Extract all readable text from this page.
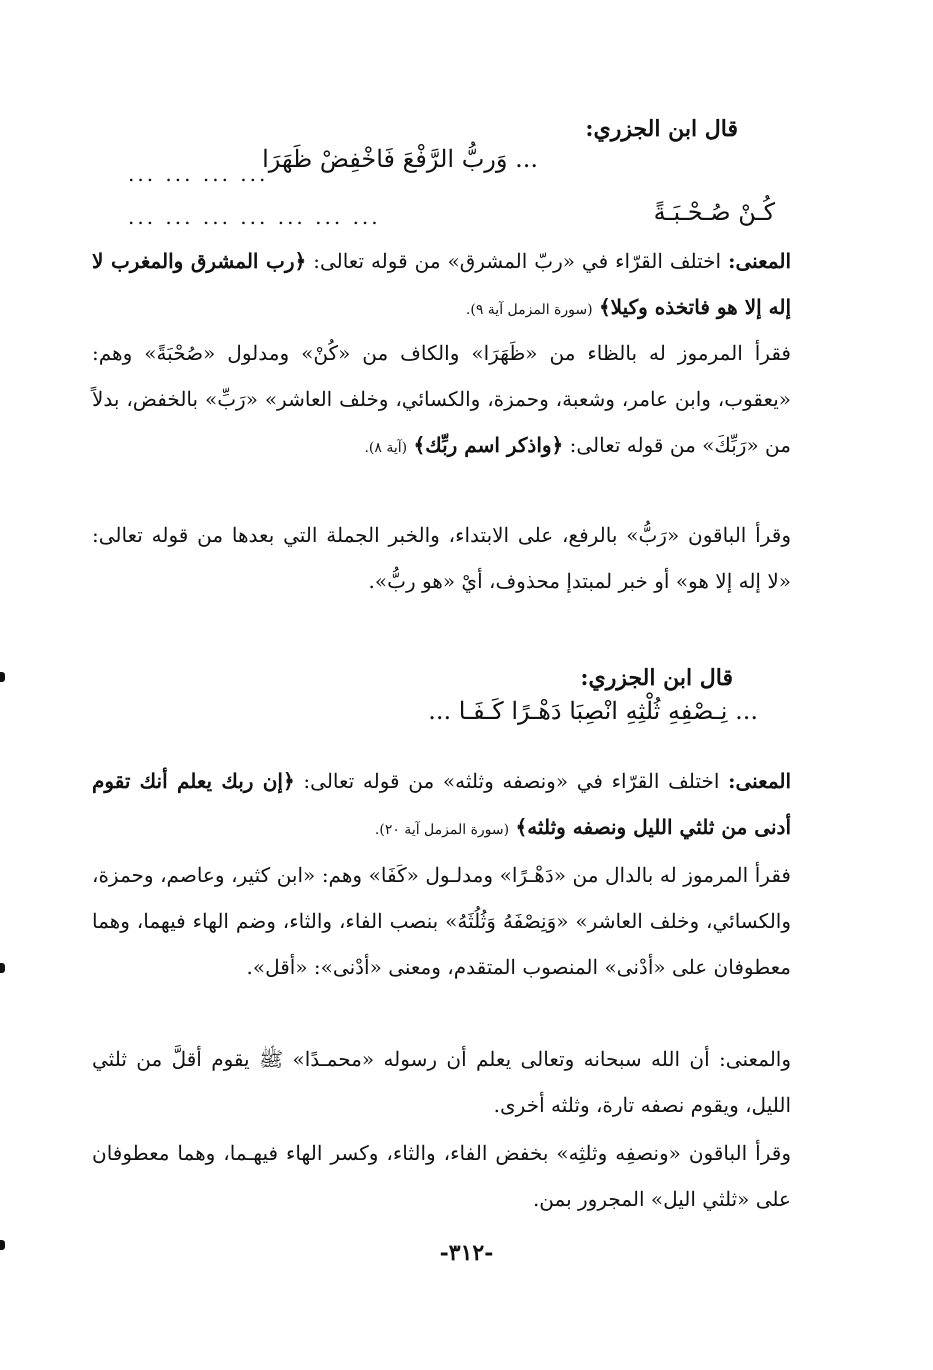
قال ابن الجزري:
... وَربُّ الرَّفْعَ فَاخْفِضْ ظَهَرَا
... ... ... ...
كُـنْ صُـحْـبَـةً
... ... ... ... ... ... ...
المعنى: اختلف القرّاء في «ربّ المشرق» من قوله تعالى: ﴿رب المشرق والمغرب لا إله إلا هو فاتخذه وكيلا﴾ (سورة المزمل آية ٩).
فقرأ المرموز له بالظاء من «ظَهَرَا» والكاف من «كُنْ» ومدلول «صُحْبَةً» وهم: «يعقوب، وابن عامر، وشعبة، وحمزة، والكسائي، وخلف العاشر» «رَبِّ» بالخفض، بدلاً من «رَبِّكَ» من قوله تعالى: ﴿واذكر اسم ربِّك﴾ (آية ٨).
وقرأ الباقون «رَبُّ» بالرفع، على الابتداء، والخبر الجملة التي بعدها من قوله تعالى: «لا إله إلا هو» أو خبر لمبتدإ محذوف، أيْ «هو ربُّ».
قال ابن الجزري:
... نِـصْفِهِ ثُلْثِهِ انْصِبَا دَهْـرًا كَـفَـا ...
المعنى: اختلف القرّاء في «ونصفه وثلثه» من قوله تعالى: ﴿إن ربك يعلم أنك تقوم أدنى من ثلثي الليل ونصفه وثلثه﴾ (سورة المزمل آية ٢٠).
فقرأ المرموز له بالدال من «دَهْـرًا» ومدلـول «كَفَا» وهم: «ابن كثير، وعاصم، وحمزة، والكسائي، وخلف العاشر» «وَنِصْفَهُ وَثُلُثَهُ» بنصب الفاء، والثاء، وضم الهاء فيهما، وهما معطوفان على «أدْنى» المنصوب المتقدم، ومعنى «أدْنى»: «أقل».
والمعنى: أن الله سبحانه وتعالى يعلم أن رسوله «محمـدًا» ﷺ يقوم أقلَّ من ثلثي الليل، ويقوم نصفه تارة، وثلثه أخرى.
وقرأ الباقون «ونصفِه وثلثِه» بخفض الفاء، والثاء، وكسر الهاء فيهـما، وهما معطوفان على «ثلثي اليل» المجرور بمن.
-٣١٢-
